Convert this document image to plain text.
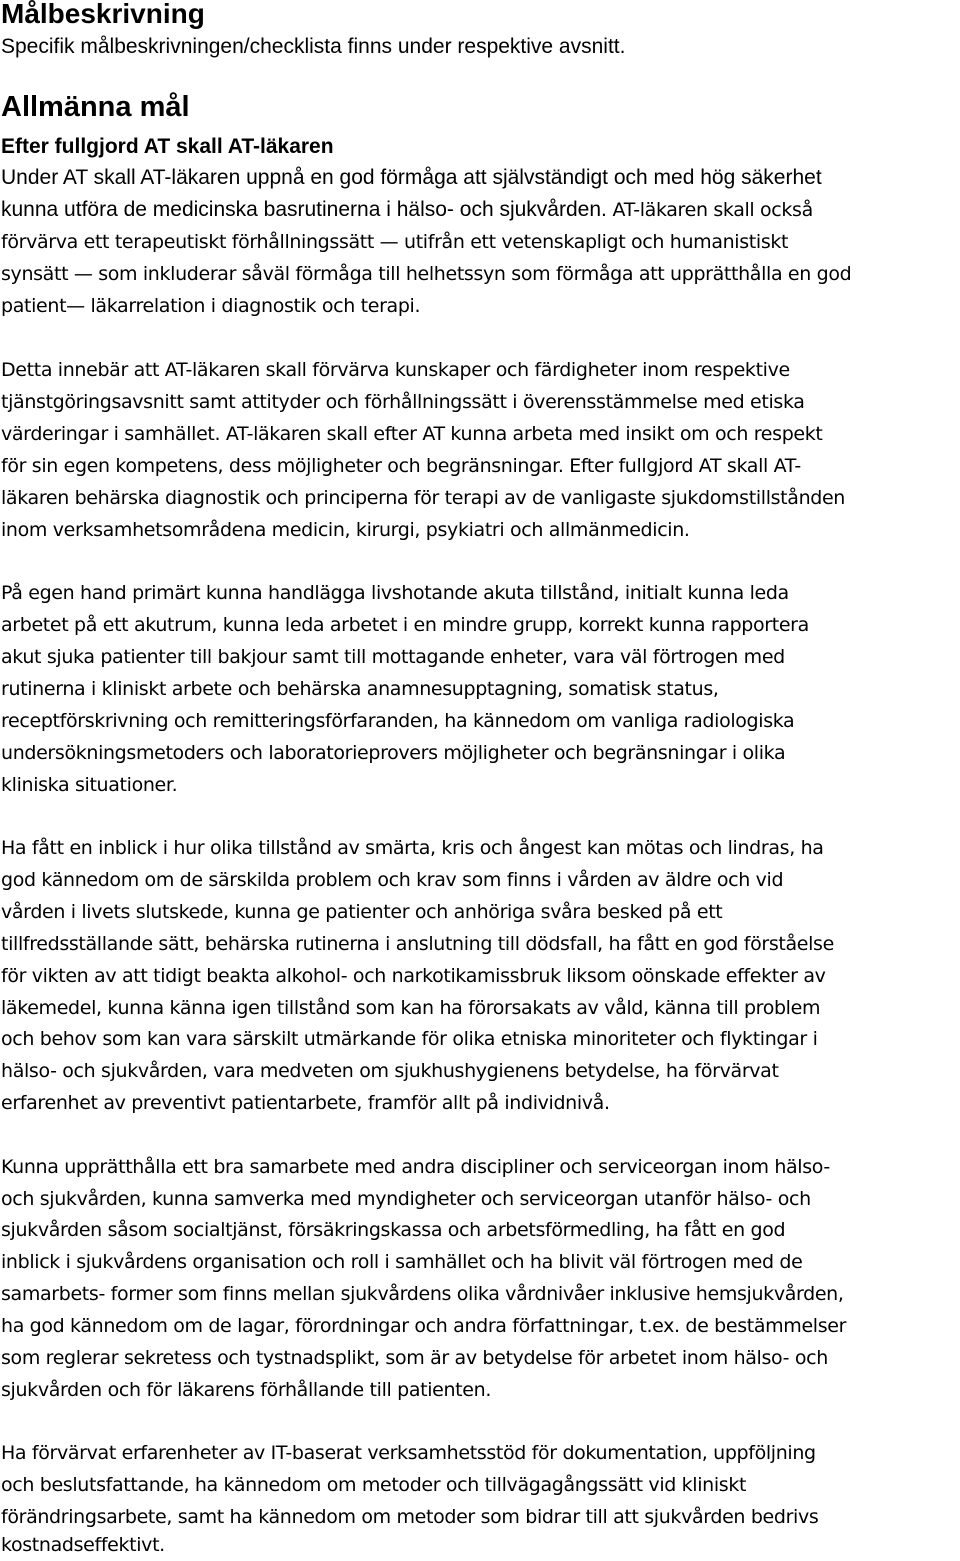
Målbeskrivning

Specifik målbeskrivningen/checklista finns under respektive avsnitt.

Allmänna mål
Efter fullgjord AT skall AT-läkaren

Under AT skall AT-läkaren uppnå en god förmåga att självständigt och med hög säkerhet

kunna utföra de medicinska basrutinerna i hälso- och sjukvården. AT-läkaren skall också

förvärva ett terapeutiskt förhållningssätt — utifrån ett vetenskapligt och humanistiskt

synsätt — som inkluderar såväl förmåga till helhetssyn som förmåga att upprätthålla en god

patient— läkarrelation i diagnostik och terapi.

Detta innebär att AT-läkaren skall förvärva kunskaper och färdigheter inom respektive

tjänstgöringsavsnitt samt attityder och förhållningssätt i överensstämmelse med etiska

värderingar i samhället. AT-läkaren skall efter AT kunna arbeta med insikt om och respekt

för sin egen kompetens, dess möjligheter och begränsningar. Efter fullgjord AT skall AT-

läkaren behärska diagnostik och principerna för terapi av de vanligaste sjukdomstillstånden

inom verksamhetsområdena medicin, kirurgi, psykiatri och allmänmedicin.

På egen hand primärt kunna handlägga livshotande akuta tillstånd, initialt kunna leda

arbetet på ett akutrum, kunna leda arbetet i en mindre grupp, korrekt kunna rapportera

akut sjuka patienter till bakjour samt till mottagande enheter, vara väl förtrogen med

rutinerna i kliniskt arbete och behärska anamnesupptagning, somatisk status,

receptförskrivning och remitteringsförfaranden, ha kännedom om vanliga radiologiska

undersökningsmetoders och laboratorieprovers möjligheter och begränsningar i olika

kliniska situationer.

Ha fått en inblick i hur olika tillstånd av smärta, kris och ångest kan mötas och lindras, ha

god kännedom om de särskilda problem och krav som finns i vården av äldre och vid

vården i livets slutskede, kunna ge patienter och anhöriga svåra besked på ett

tillfredsställande sätt, behärska rutinerna i anslutning till dödsfall, ha fått en god förståelse

för vikten av att tidigt beakta alkohol- och narkotikamissbruk liksom oönskade effekter av

läkemedel, kunna känna igen tillstånd som kan ha förorsakats av våld, känna till problem

och behov som kan vara särskilt utmärkande för olika etniska minoriteter och flyktingar i

hälso- och sjukvården, vara medveten om sjukhushygienens betydelse, ha förvärvat

erfarenhet av preventivt patientarbete, framför allt på individnivå.

Kunna upprätthålla ett bra samarbete med andra discipliner och serviceorgan inom hälso-

och sjukvården, kunna samverka med myndigheter och serviceorgan utanför hälso- och

sjukvården såsom socialtjänst, försäkringskassa och arbetsförmedling, ha fått en god

inblick i sjukvårdens organisation och roll i samhället och ha blivit väl förtrogen med de

samarbets- former som finns mellan sjukvårdens olika vårdnivåer inklusive hemsjukvården,

ha god kännedom om de lagar, förordningar och andra författningar, t.ex. de bestämmelser

som reglerar sekretess och tystnadsplikt, som är av betydelse för arbetet inom hälso- och

sjukvården och för läkarens förhållande till patienten.

Ha förvärvat erfarenheter av IT-baserat verksamhetsstöd för dokumentation, uppföljning

och beslutsfattande, ha kännedom om metoder och tillvägagångssätt vid kliniskt

förändringsarbete, samt ha kännedom om metoder som bidrar till att sjukvården bedrivs

kostnadseffektivt.
